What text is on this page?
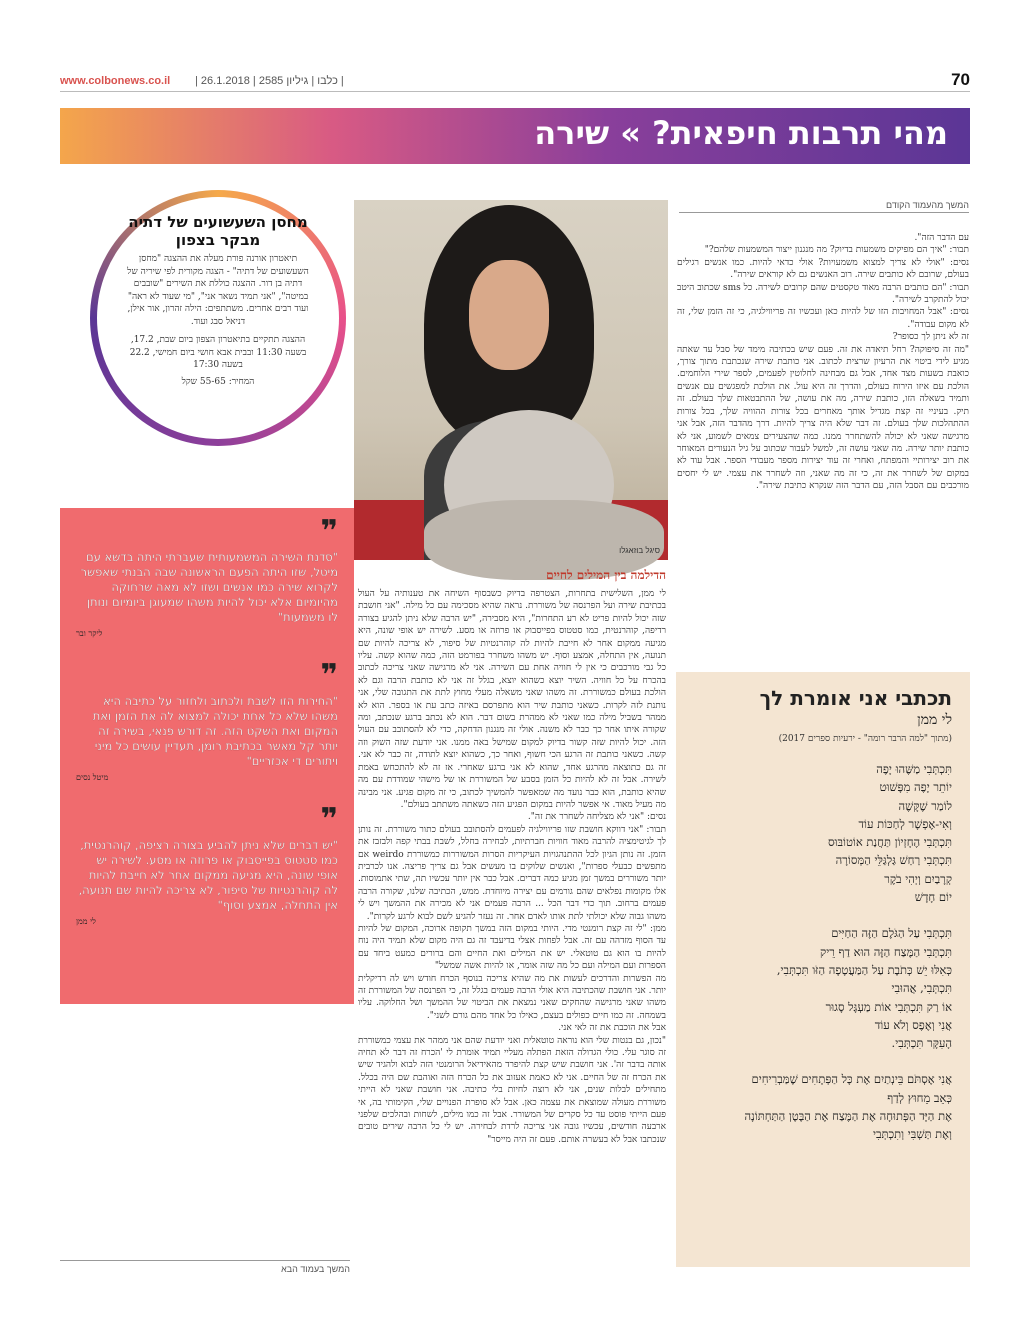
www.colbonews.co.il | 26.1.2018 | כלבו | גיליון 2585 |	70
מהי תרבות חיפאית? » שירה
מחסן השעשועים של דתיה מבקר בצפון

תיאטרון אורנה פורת מעלה את ההצגה "מחסן השעשועים של דתיה" - הצגה מקורית לפי שיריה של דתיה בן דור. ההצגה כוללת את השירים "שובבים במיטה", "אני תמיד נשאר אני", "מי שעוד לא ראה" ועוד רבים אחרים. משתתפים: הילה זהרון, אור אילן, דניאל סבג ועוד.

ההצגה תתקיים בתיאטרון הצפון ביום שבת, 17.2, בשעה 11:30 ובבית אבא חושי ביום חמישי, 22.2 בשעה 17:30

המחיר: 55-65 שקל

סיגל בוזאגלו
המשך מהעמוד הקודם
עם הדבר הזה".
תבור: "איך הם מפיקים משמעות בדיוק? מה מנגנון ייצור המשמעות שלהם?"
נסים: "אולי לא צריך למצוא משמעויות? אולי כדאי להיות. כמו אנשים רגילים בעולם, שרובם לא כותבים שירה. רוב האנשים גם לא קוראים שירה".
תבור: "הם כותבים הרבה מאוד טקסטים שהם קרובים לשירה. כל sms שכתוב היטב יכול להתקרב לשירה".
נסים: "אבל המחויבות הזו של להיות כאן ועכשיו זה פריווילגיה, כי זה הזמן שלי, זה לא מקום עבודה".
זה לא ניתן לך כסופר?
"מה זה סיפוקה? רחל תיאדה את זה. פעם שיש בכתיבה מימד של סבל עד שאתה מגיע לידי ביטוי את הרעיון שרצית לכתוב. אני כותבת שירה שנכתבת מתוך צורך, כואבת בשעות מצד אחד, אבל גם מבחינה לחלוטין לפעמים, לספר שירי הלוחמים. הולכת עם איזו הירוח בעולם, והדרך זה היא עול. את הולכת למפגשים עם אנשים ותמיד בשאלה הזו, כותבת שירה, מה את עושה, של ההתבטאות שלך בעולם. זה תיק. בעיניי זה קצת מגדיל אותך מאחרים בכל צורות ההוויה שלך, בכל צורות ההתהלכות שלך בעולם. זה דבר שלא היה צריך להיות. דרך מהדבר הזה, אבל אני מרגישה שאני לא יכולה להשתחרר ממנו. כמה שהצעירים צמאים לשמוע, אני לא כותבת יותר שירה. מה שאני עושה זה, למשל לעבור שכתוב על גיל הנעורים המאוחר את רוב יצירותיי והמפתח, ואחרי זה עוד יצירות מספר מעבודי הספר. אבל עוד לא במקום של לשחרר את זה, כי זה מה שאני, וזה לשחרר את עצמי. יש לי יחסים מורכבים עם הסבל הזה, עם הדבר הזה שנקרא כתיבת שירה".
הדילמה בין המילים לחיים
לי ממן, השלישית בתחרות, הצטרפה בדיוק כשבסוף השיחה את טענותיה על העול בכתיבת שירה ועל הפרנסה של משוררת. נראה שהיא מסכימה עם כל מילה. "אני חושבת שזה יכול להיות פריט לא רע התחרות", היא מסבירה, "יש הרבה שלא ניתן להגיע בצורה רדיפה, קוהרנטית, כמו סטטוס בפייסבוק או פרוזה או מסע. לשירה יש אופי שונה, היא מגיעה ממקום אחר לא חייבת להיות לה קוהרנטיות של סיפור, לא צריכה להיות שם תנועה, אין התחלה, אמצע וסוף. יש משהו משחרר בפורמט הזה, כמה שהוא קשה. עליו כל גבי מורכבים כי אין לי חוויה אחת עם השירה. אני לא מרגישה שאני צריכה לכתוב בהכרח על כל חוויה. השיר יוצא כשהוא יוצא, בגלל זה אני לא כותבת הרבה וגם לא הולכת בעולם כמשוררת. זה משהו שאני משאלה מעלי מחוץ לתת את התגובה שלי, אני נותנת לזה לקרות. כשאני כותבת שיר הוא מתפרסם באיזה כתב עת או בספר. הוא לא ממהר בשביל מילה כמו שאני לא ממהרת בשום דבר. הוא לא נכתב ברגע שנכתב, ומה שקורה איתו אחר כך כבר לא משנה. אולי זה מנגנון הדחקה, כדי לא להסתובב עם העול הזה. יכול להיות שזה קשור בדיוק למקום שמישל באה ממנו. אני יודעת שזה השוק וזה קשה. כשאני כותבת זה הרגע הכי חשוף, ואחר כך, כשהוא יוצא לתודה, זה כבר לא אני. זה גם כתוצאה מהרגע אחד, שהוא לא אני ברגע שאחרי. אז זה לא להתכחש באמת לשירה. אבל זה לא להיות כל הזמן בסבע של המשוררת או של מישהי שמודדת עם מה שהיא כותבת, הוא כבר נועד מה שמאפשר להמשיך לכתוב, כי זה מקום פגיע. אני מבינה מה מעיל מאוד. אי אפשר להיות במקום הפגיע הזה כשאתה משתתב בעולם".
נסים: "אני לא מצליחה לשחרר את זה".
תבור: "אני דווקא חושבת שזו פריווילגיה לפעמים להסתובב בעולם כתור משוררת. זה נותן לך לגיטימציה להרבה מאוד חוויות חברתיות, לבחירה בחלל, לשבת בבתי קפה ולבזבז את הזמן. זה נותן הגיון לכל ההתנהגויות העיקריות הסרות המשוררות כמשוררת weirdo אם מתפשים כבעלי ספרות", ואנשים שלוקים בו מעשים אבל גם צריך פריצה. אנו לכרבית יותר משוררים במשך זמן מגיע כמה דברים. אבל כבר אין יותר עכשיו תה, שתי אתמוסות. אלו מקומות נפלאים שהם גורמים עם יצירה מיוחדת. ממש, הכתיבה שלנו, שקורה הרבה פעמים ברחוב. תוך כדי דבר הכל ... הרבה פעמים אני לא מכירה את ההמשך ויש לי משהו גבוה שלא יכולתי לתת אותו לאדם אחר. זה נעזר להגיע לשם לבוא לרגע לקרות".
ממן: "לי זה קצת רומנטי מדי. היותי במקום הזה במשך תקופה ארוכה, המקום של להיות עד הסוף מזדהה עם זה. אבל לפחות אצלי בדיעבד זה גם היה מקום שלא תמיד היה נוח להיות בו הוא גם טוטאלי. יש את המילים ואת החיים והם ברורים כמעט ביחד עם הספרות ועם המילה ועם כל מה שזה אומר, או להיות אשה שמשל"
מה הפשרות והדרכים לעשות את מה שהיא צריכה בנוסף הכרח חודש ויש לה רדיקלית יותר. אני חושבת שהכתיבה היא אולי הרבה פעמים בגלל זה, כי הפרנסה של המשוררת זה משהו שאני מרגישה שהחקים שאני נמצאת את הביטוי של ההמשך ושל החלוקה. עליו בשמחה. זה כמו חיים כפולים בעצם, כאילו כל אחד מהם גורם לשני".
אבל את הוכבת את זה לאי אני.
"נכון, גם בנטות שלי הוא נוראה טוטאלית ואני יודעת שהם אני ממהר את עצמי כמשוררת זה סוגר עלי. כולי הגדולה הזאת הפתלה מעליי תמיד אומרת לי 'הכרח זה דבר לא תחיה אותה בדבר זה'. אני חושבת שיש קצת להיפרד מהאידיאל הרומנטי הזה לבוא ולהגיד שיש את הכרח זה של החיים. אני לא כאמת אעזוב את כל הכרח הזה ואוהבת שם היה בכלל. מתחילים לבלות שנים, אני לא רוצה לחיות בלי כתיבה. אני חושבת שאני לא הייתי משוררת מעולה שמוצאת את עצמה כאן. אבל לא סופרת הפנויים שלי, הקימותי בה, אי פעם הייתי פוסט עד כל סקרים של המשורר. אבל זה כמו מילים, לשחות ובהלכים שלפני ארבעה חודשים, עכשיו גובה אני צריכה לרדת לבחירה. יש לי כל הרבה שירים טובים שנכתבו אבל לא בעשרה אותם. פעם זה היה מייסר"
❞
"סדנת השירה המשמעותית שעברתי היתה בדשא עם מיטל, שזו היתה הפעם הראשונה שבה הבנתי שאפשר לקרוא שירה כמו אנשים ושזו לא מאה שרחוקה מהיומיום אלא יכול להיות משהו שמעוגן ביומיום ונותן לו משמעות"
ליקר ובר
❞
"החירות הזו לשבת ולכתוב ולחזור על כתיבה היא משהו שלא כל אחת יכולה למצוא לה את הזמן ואת המקום ואת השקט הזה. זה דורש פנאי, בשירה זה יותר קל מאשר בכתיבת רומן, תעדיין עושים כל מיני ויתורים די אכזריים"
מיטל נסים
❞
"יש דברים שלא ניתן להביע בצורה רציפה, קוהרנטית, כמו סטטוס בפייסבוק או פרוזה או מסע. לשירה יש אופי שונה, היא מגיעה ממקום אחר לא חייבת להיות לה קוהרנטיות של סיפור, לא צריכה להיות שם תנועה, אין התחלה, אמצע וסוף"
לי ממן
תכתבי אני אומרת לך
לי ממן
(מתוך "למה הרבר רומה" - ירעיות ספרים 2017)
תִּכְתְּבִי מַשֶּׁהוּ יָפֶה
יוֹתֵר יָפֶה מִפָּשׁוּט
לוֹמַר שֶׁקָּשֶׁה
וְאִי-אֶפְשָׁר לְחַכּוֹת עוֹד
תִּכְתְּבִי הֶחָזְיוֹן תַּחֲנַת אוֹטוֹבּוּס
תִּכְתְּבִי רַחַשׁ גַּלְגַּלֵּי הַמְּסוֹרָה
קְרָבַיִם וְיְהִי בֹקֶר
יוֹם חָדָשׁ
תִּכְתְּבִי עַל הַגֹּלֶם הַזֶּה הַחַיִּים
תִּכְתְּבִי הַמֶּצַח הַזֶּה הוּא דַף רֵיק
כְּאִלּוּ יֵשׁ כְּתֹבֶת עַל הַמַּעֲטָפָה הַזֹּו תִּכְתְּבִי,
תִּכְתְּבִי, אֲהוּבִי
אוֹ רַק תִּכְתְּבִי אוֹת מַעְגָּל סָגוּר
אֲנִי וְאֶפֶס וְלֹא עוֹד
הָעִקָּר תִּכְתְּבִי.
אֲנִי אֶסְתֹּם בֵּינְתַיִם אֶת כָּל הַפְּתָחִים שֶׁמַּבְרִיחִים
כְּאֵב מֵחוּץ לְדַף
אֶת הַיָּד הַפְּתוּחָה אֶת הַמֶּצַח אֶת הַבֶּטֶן הַתַּחְתּוֹנָה
וְאֶת תַּשְׁבִּי וְתִכְתְּבִי
המשך בעמוד הבא
